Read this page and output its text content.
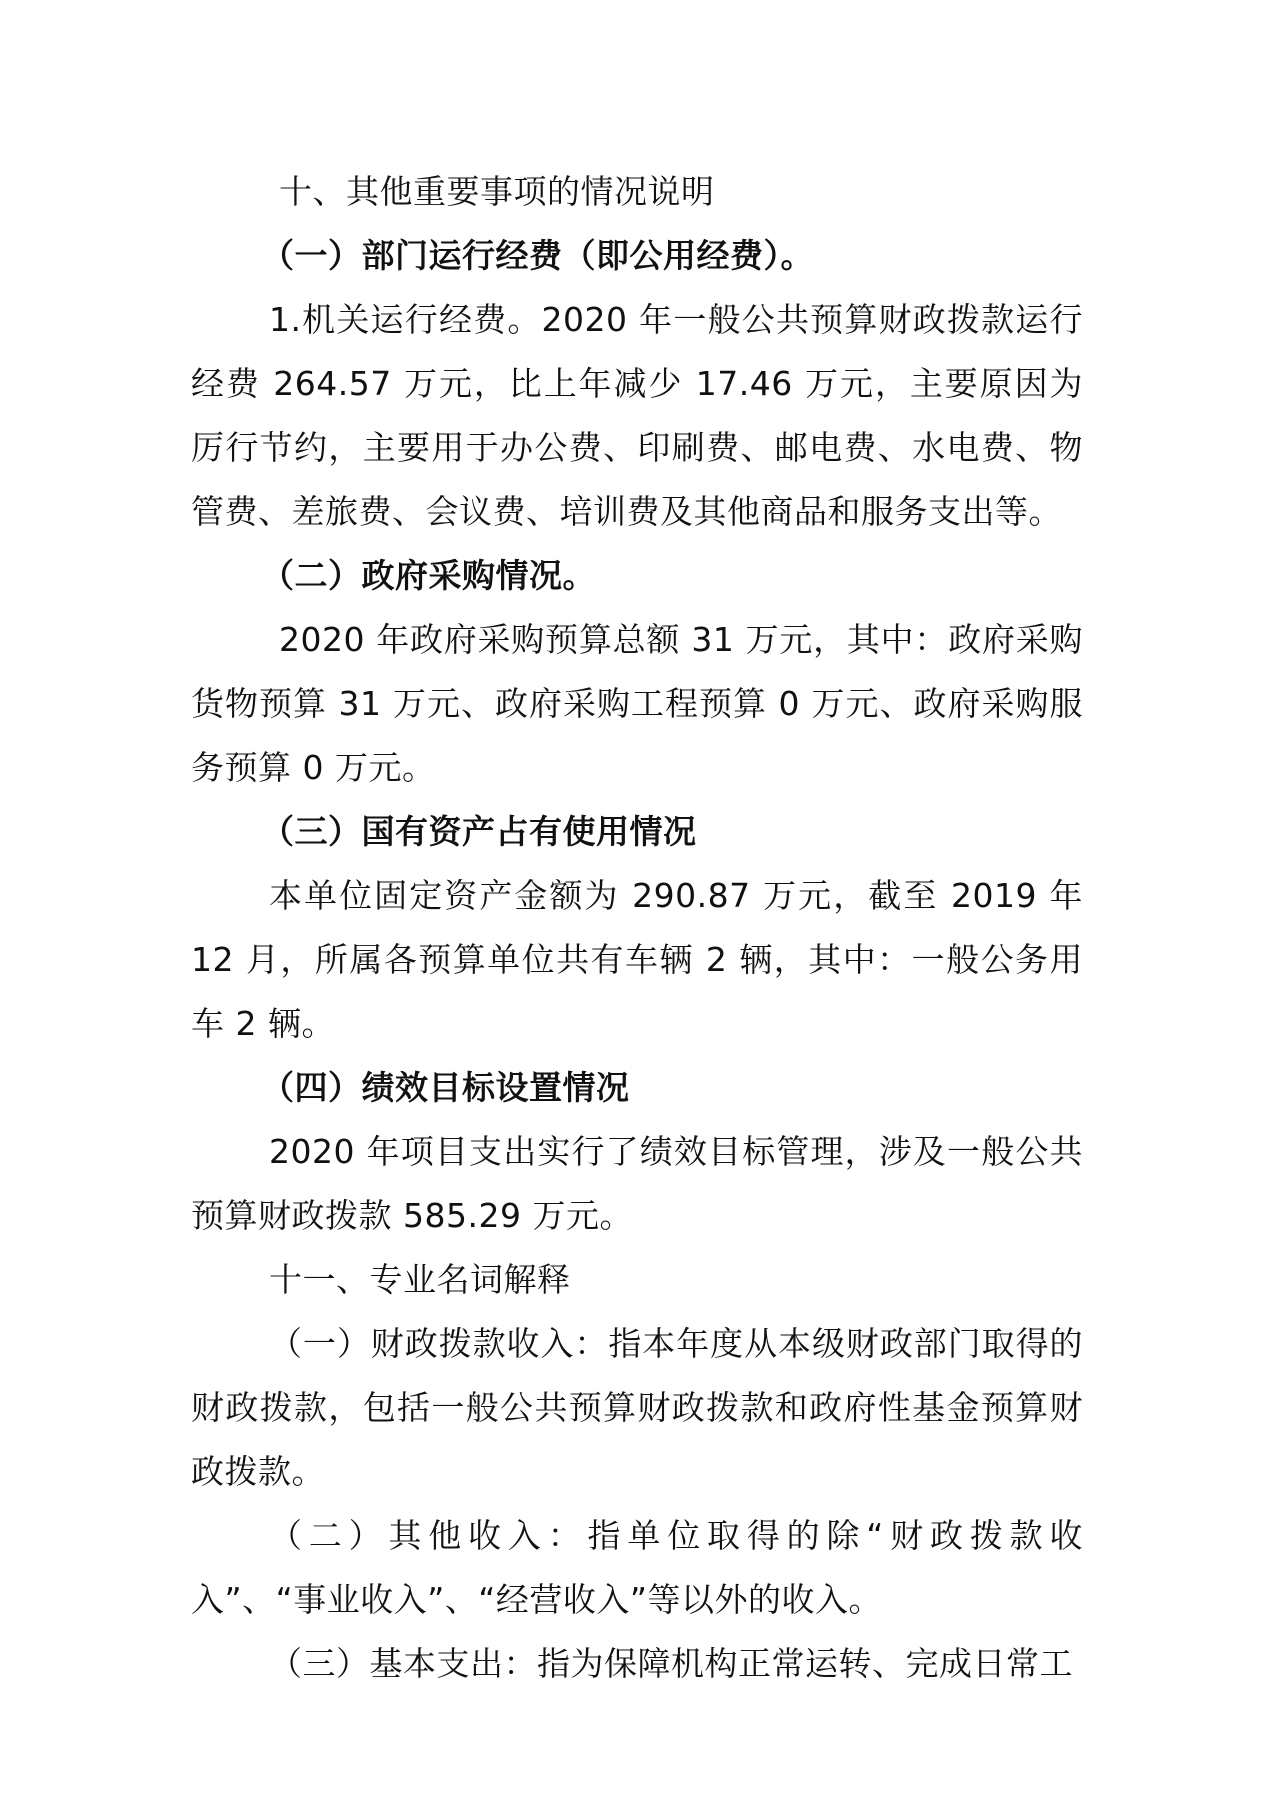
十、其他重要事项的情况说明

（一）部门运行经费（即公用经费）。

1.机关运行经费。2020 年一般公共预算财政拨款运行经费 264.57 万元，比上年减少 17.46 万元，主要原因为厉行节约，主要用于办公费、印刷费、邮电费、水电费、物管费、差旅费、会议费、培训费及其他商品和服务支出等。

（二）政府采购情况。

2020 年政府采购预算总额 31 万元，其中：政府采购货物预算 31 万元、政府采购工程预算 0 万元、政府采购服务预算 0 万元。

（三）国有资产占有使用情况

本单位固定资产金额为 290.87 万元，截至 2019 年 12 月，所属各预算单位共有车辆 2 辆，其中：一般公务用车 2 辆。

（四）绩效目标设置情况

2020 年项目支出实行了绩效目标管理，涉及一般公共预算财政拨款 585.29 万元。

十一、专业名词解释

（一）财政拨款收入：指本年度从本级财政部门取得的财政拨款，包括一般公共预算财政拨款和政府性基金预算财政拨款。

（二）其他收入：指单位取得的除“财政拨款收入”、“事业收入”、“经营收入”等以外的收入。

（三）基本支出：指为保障机构正常运转、完成日常工
